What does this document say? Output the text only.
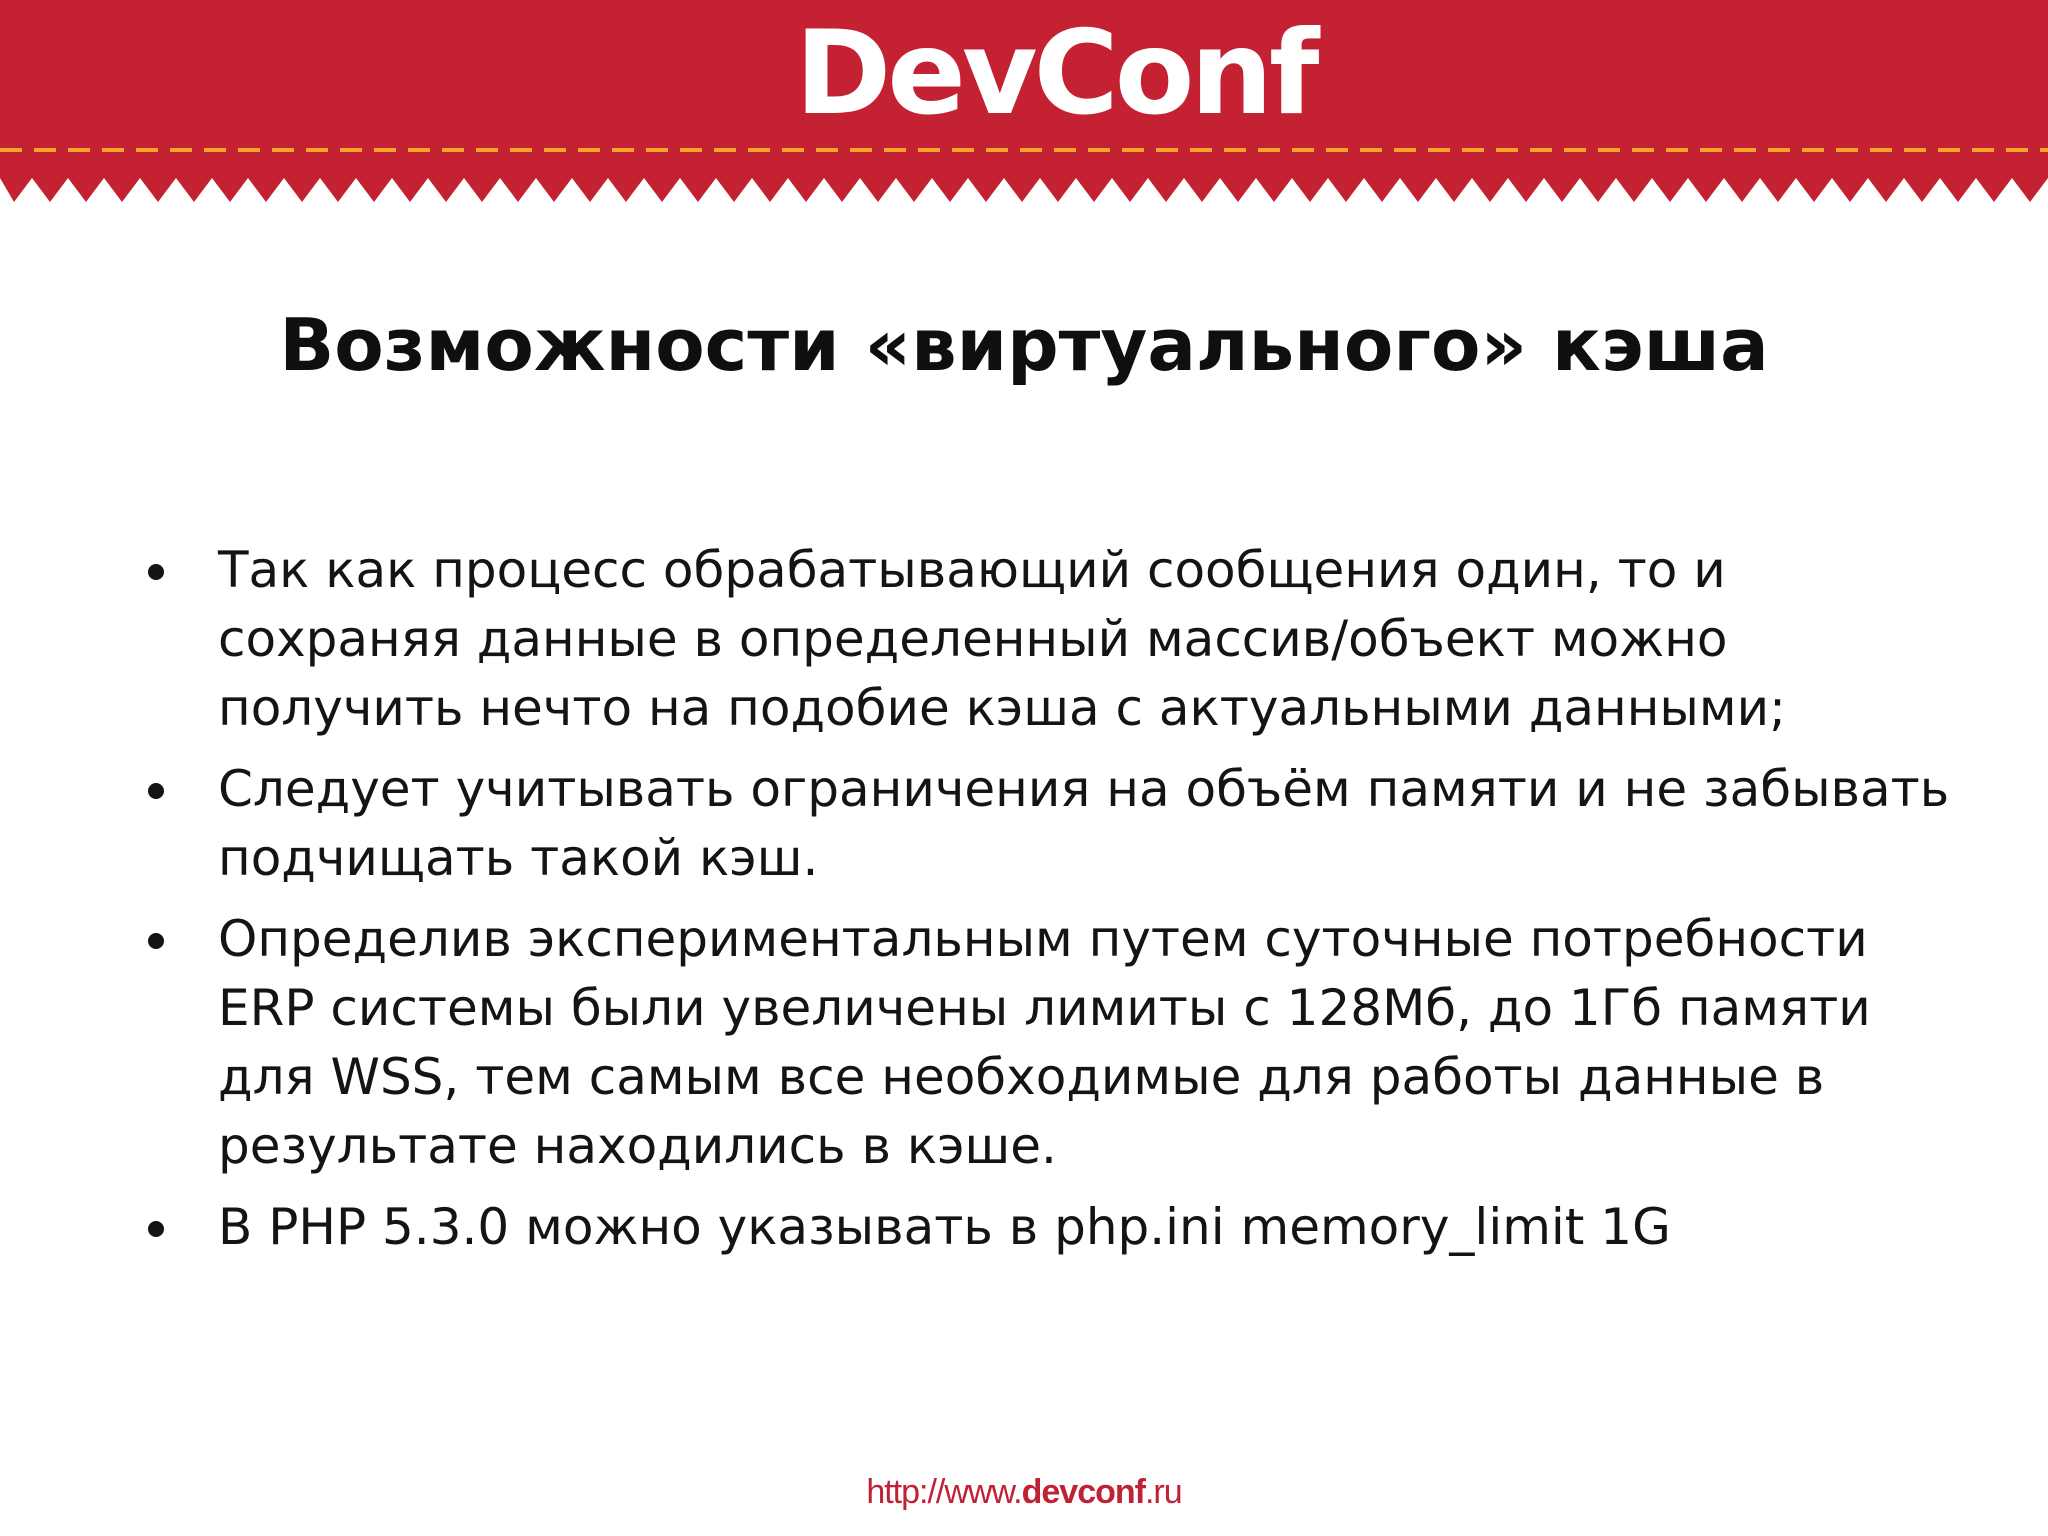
DevConf
Возможности «виртуального» кэша
Так как процесс обрабатывающий сообщения один, то и
сохраняя данные в определенный массив/объект можно
получить нечто на подобие кэша с актуальными данными;
Следует учитывать ограничения на объём памяти и не забывать
подчищать такой кэш.
Определив экспериментальным путем суточные потребности
ERP системы были увеличены лимиты с 128Мб, до 1Гб памяти
для WSS, тем самым все необходимые для работы данные в
результате находились в кэше.
В PHP 5.3.0 можно указывать в php.ini memory_limit 1G
http://www.devconf.ru
